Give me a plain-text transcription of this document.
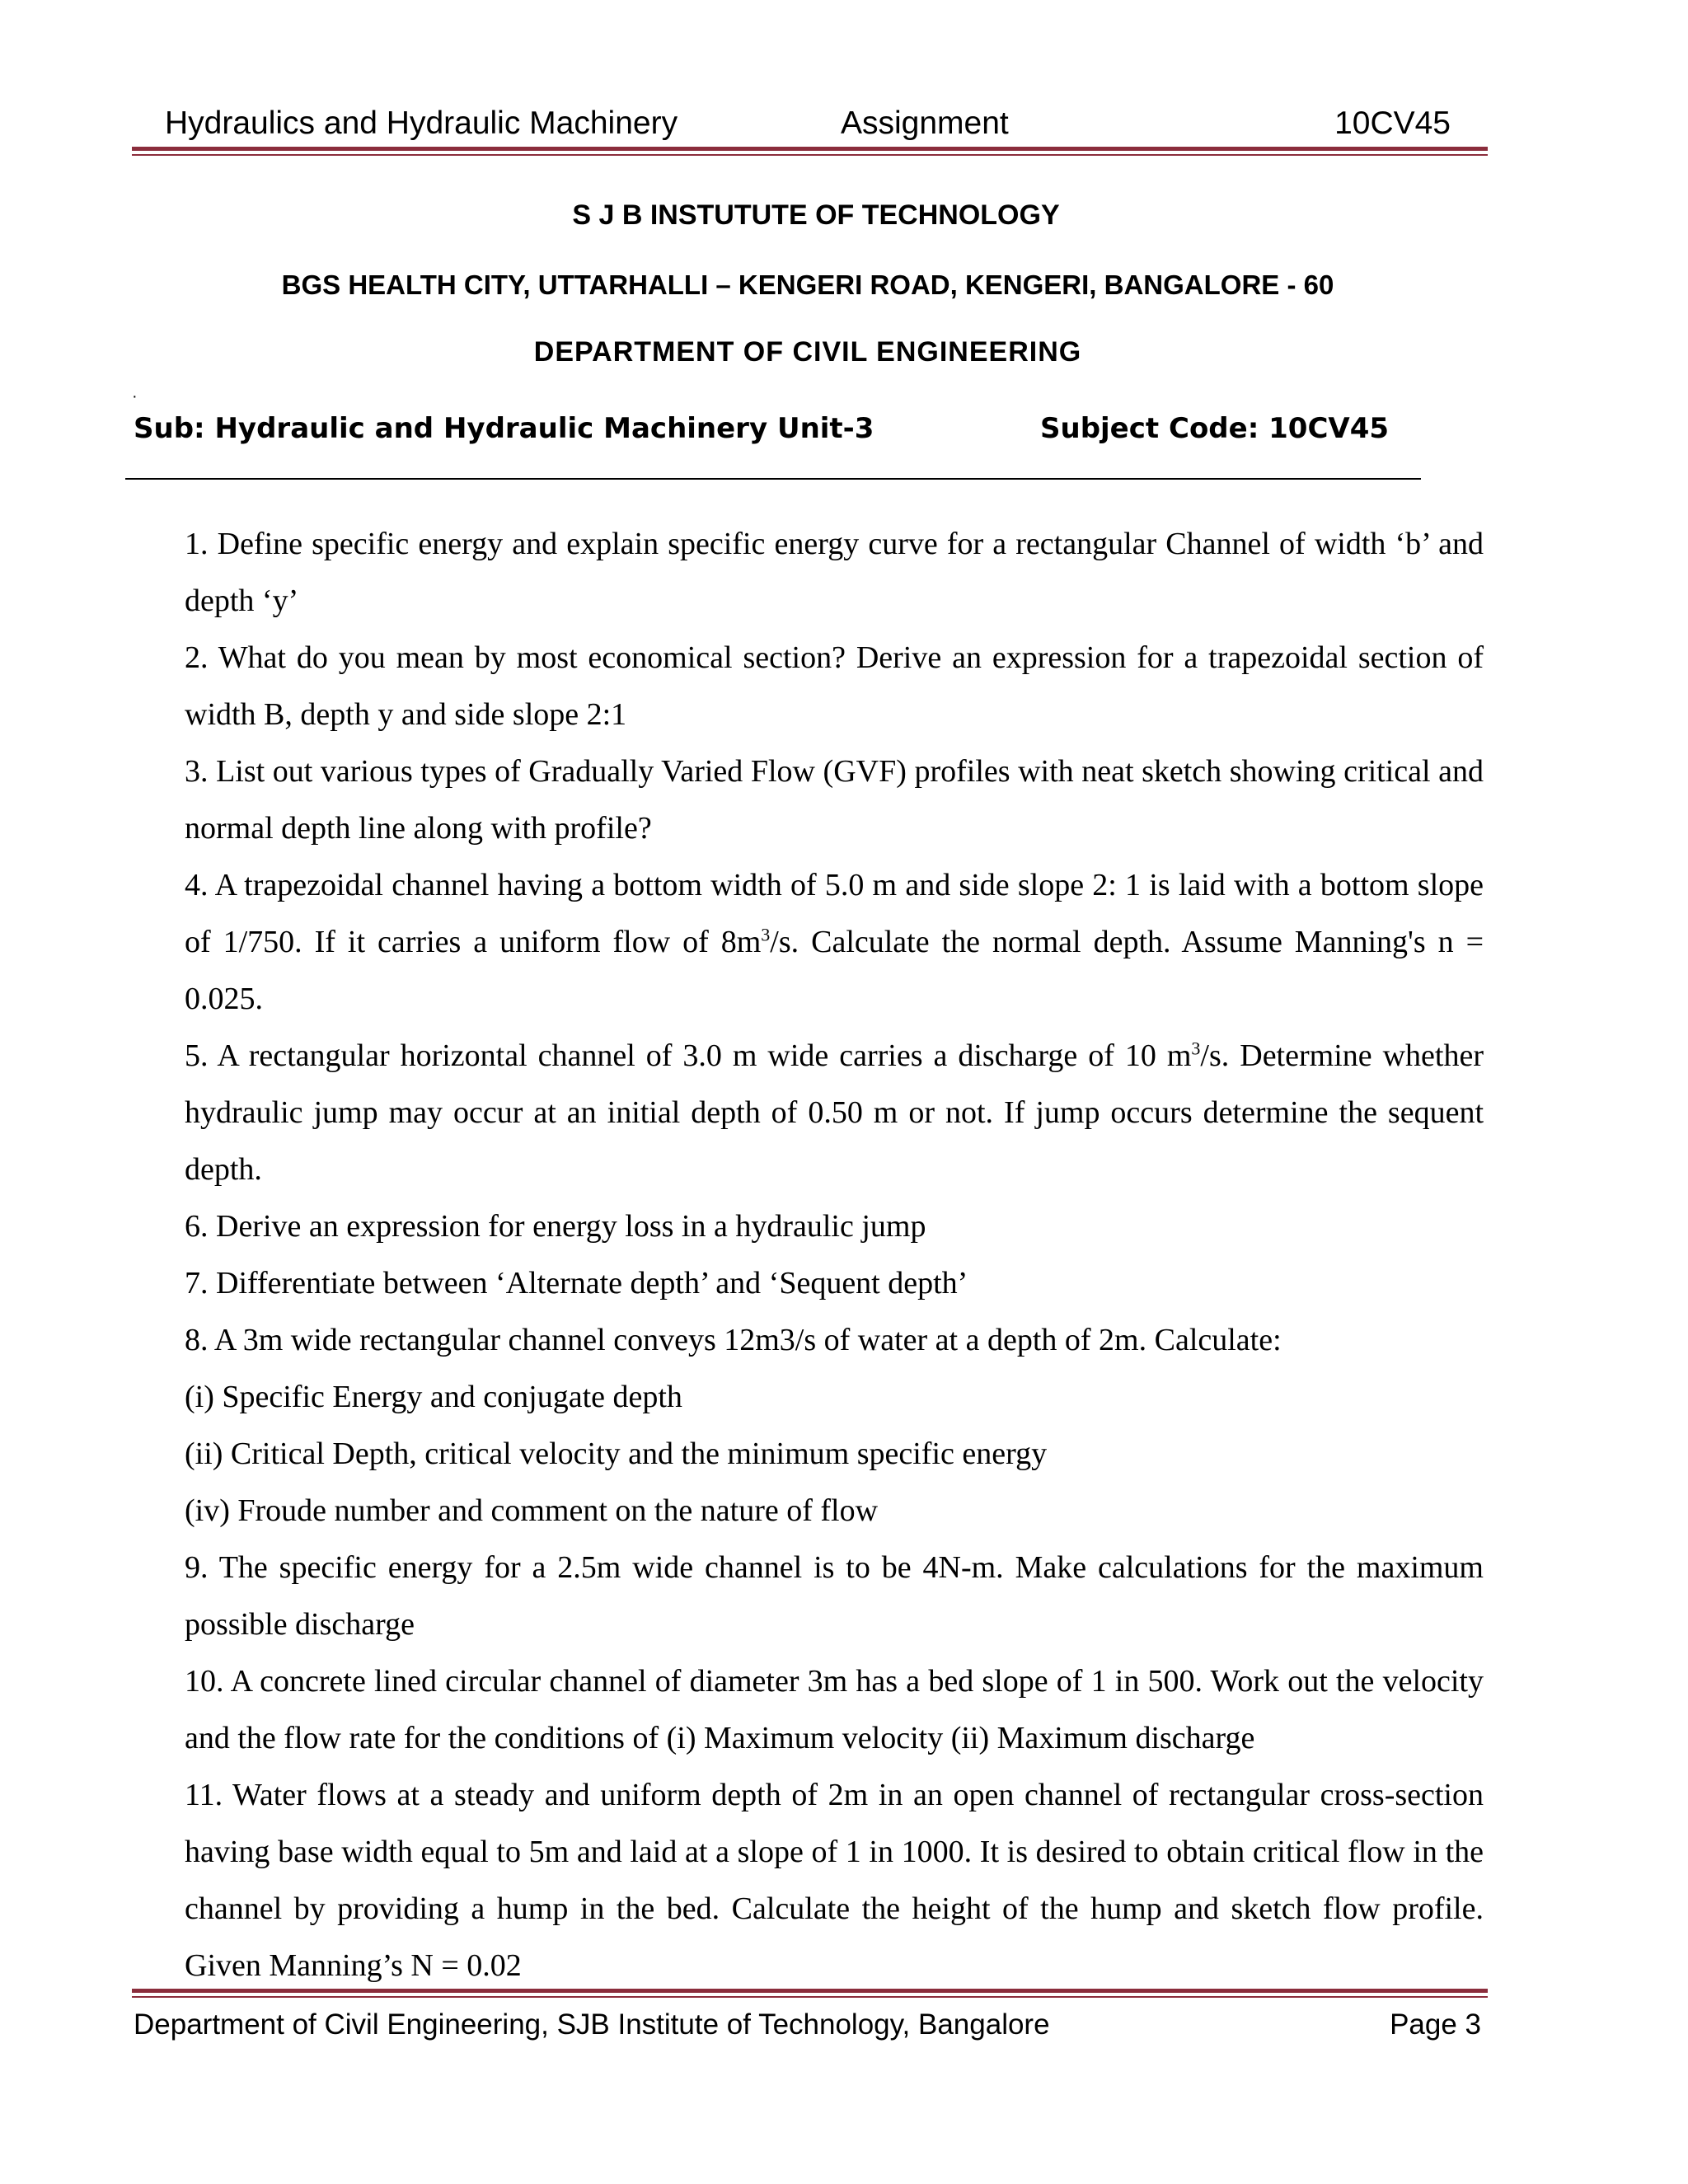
Hydraulics and Hydraulic Machinery	Assignment	10CV45
S J B INSTUTUTE OF TECHNOLOGY
BGS HEALTH CITY, UTTARHALLI – KENGERI ROAD, KENGERI, BANGALORE - 60
DEPARTMENT OF CIVIL ENGINEERING
·
Sub: Hydraulic and Hydraulic Machinery Unit-3	Subject Code: 10CV45

1. Define specific energy and explain specific energy curve for a rectangular Channel of width ‘b’ and depth ‘y’

2. What do you mean by most economical section? Derive an expression for a trapezoidal section of width B, depth y and side slope 2:1

3. List out various types of Gradually Varied Flow (GVF) profiles with neat sketch showing critical and normal depth line along with profile?

4. A trapezoidal channel having a bottom width of 5.0 m and side slope 2: 1 is laid with a bottom slope of 1/750. If it carries a uniform flow of $8m^3/s$. Calculate the normal depth. Assume Manning's n = 0.025.

5. A rectangular horizontal channel of 3.0 m wide carries a discharge of 10 $m^3/s$. Determine whether hydraulic jump may occur at an initial depth of 0.50 m or not. If jump occurs determine the sequent depth.

6. Derive an expression for energy loss in a hydraulic jump

7. Differentiate between ‘Alternate depth’ and ‘Sequent depth’

8. A 3m wide rectangular channel conveys 12m3/s of water at a depth of 2m. Calculate:

(i) Specific Energy and conjugate depth

(ii) Critical Depth, critical velocity and the minimum specific energy

(iv) Froude number and comment on the nature of flow

9. The specific energy for a 2.5m wide channel is to be 4N-m. Make calculations for the maximum possible discharge

10. A concrete lined circular channel of diameter 3m has a bed slope of 1 in 500. Work out the velocity and the flow rate for the conditions of (i) Maximum velocity (ii) Maximum discharge

11. Water flows at a steady and uniform depth of 2m in an open channel of rectangular cross-section having base width equal to 5m and laid at a slope of 1 in 1000. It is desired to obtain critical flow in the channel by providing a hump in the bed. Calculate the height of the hump and sketch flow profile. Given Manning’s N = 0.02

Department of Civil Engineering, SJB Institute of Technology, Bangalore	Page 3
